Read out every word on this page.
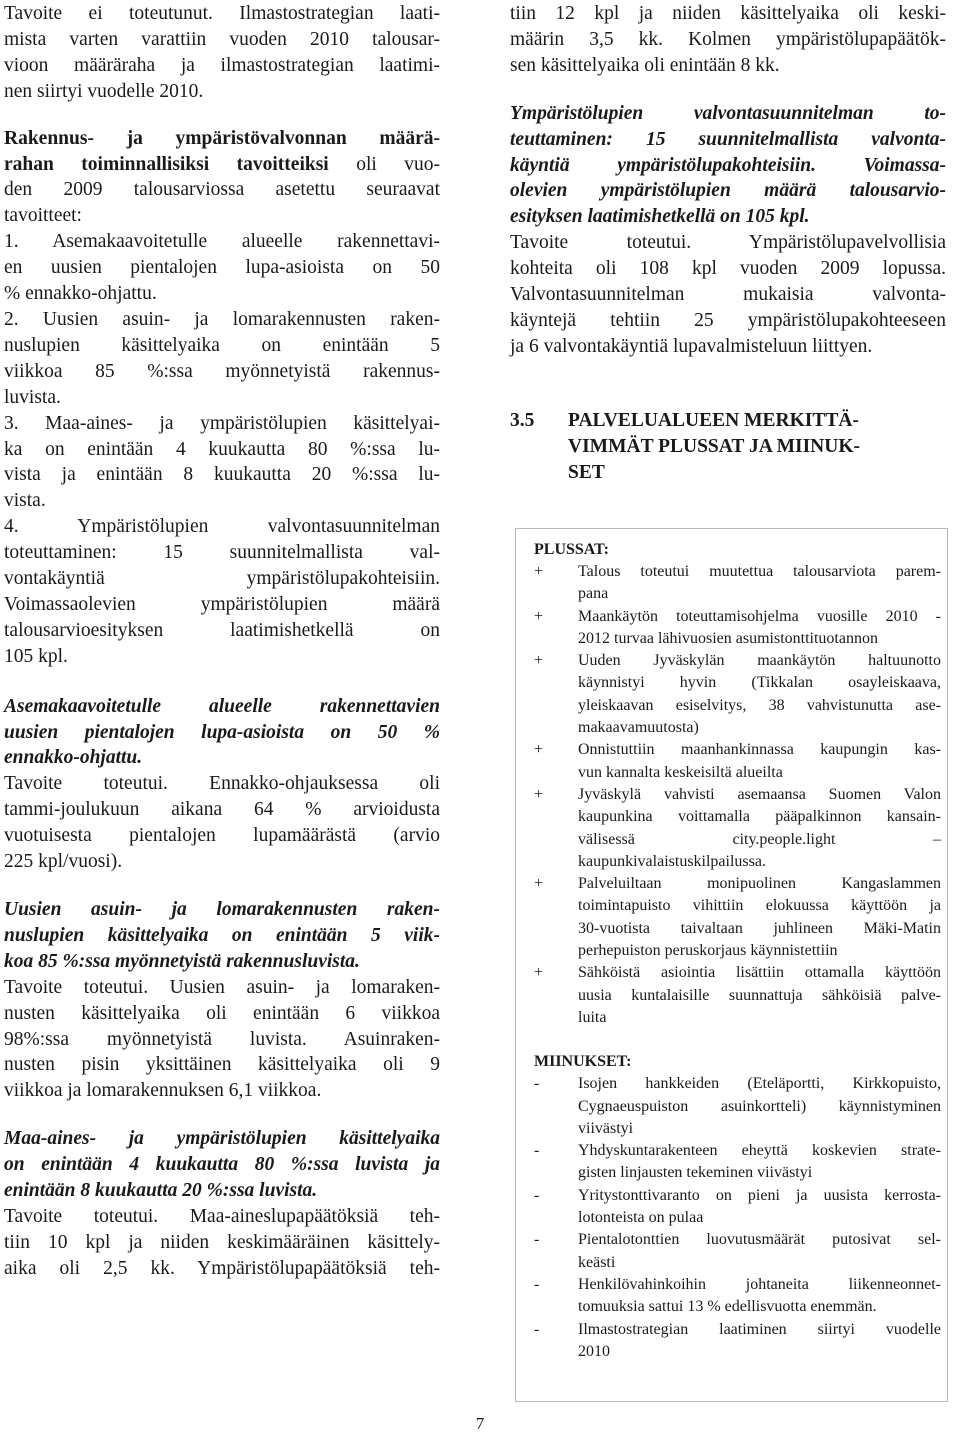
Tavoite ei toteutunut. Ilmastostrategian laati-
mista varten varattiin vuoden 2010 talousar-
vioon määräraha ja ilmastostrategian laatimi-
nen siirtyi vuodelle 2010.

Rakennus- ja ympäristövalvonnan määrä-
rahan toiminnallisiksi tavoitteiksi oli vuo-
den 2009 talousarviossa asetettu seuraavat
tavoitteet:

1. Asemakaavoitetulle alueelle rakennettavi-
en uusien pientalojen lupa-asioista on 50
% ennakko-ohjattu.

2. Uusien asuin- ja lomarakennusten raken-
nuslupien käsittelyaika on enintään 5
viikkoa 85 %:ssa myönnetyistä rakennus-
luvista.

3. Maa-aines- ja ympäristölupien käsittelyai-
ka on enintään 4 kuukautta 80 %:ssa lu-
vista ja enintään 8 kuukautta 20 %:ssa lu-
vista.

4. Ympäristölupien valvontasuunnitelman
toteuttaminen: 15 suunnitelmallista val-
vontakäyntiä ympäristölupakohteisiin.
Voimassaolevien ympäristölupien määrä
talousarvioesityksen laatimishetkellä on
105 kpl.

Asemakaavoitetulle alueelle rakennettavien
uusien pientalojen lupa-asioista on 50 %
ennakko-ohjattu.

Tavoite toteutui. Ennakko-ohjauksessa oli
tammi-joulukuun aikana 64 % arvioidusta
vuotuisesta pientalojen lupamäärästä (arvio
225 kpl/vuosi).

Uusien asuin- ja lomarakennusten raken-
nuslupien käsittelyaika on enintään 5 viik-
koa 85 %:ssa myönnetyistä rakennusluvista.

Tavoite toteutui. Uusien asuin- ja lomaraken-
nusten käsittelyaika oli enintään 6 viikkoa
98%:ssa myönnetyistä luvista. Asuinraken-
nusten pisin yksittäinen käsittelyaika oli 9
viikkoa ja lomarakennuksen 6,1 viikkoa.

Maa-aines- ja ympäristölupien käsittelyaika
on enintään 4 kuukautta 80 %:ssa luvista ja
enintään 8 kuukautta 20 %:ssa luvista.

Tavoite toteutui. Maa-aineslupapäätöksiä teh-
tiin 10 kpl ja niiden keskimääräinen käsittely-
aika oli 2,5 kk. Ympäristölupapäätöksiä teh-

tiin 12 kpl ja niiden käsittelyaika oli keski-
määrin 3,5 kk. Kolmen ympäristölupapäätök-
sen käsittelyaika oli enintään 8 kk.

Ympäristölupien valvontasuunnitelman to-
teuttaminen: 15 suunnitelmallista valvonta-
käyntiä ympäristölupakohteisiin. Voimassa-
olevien ympäristölupien määrä talousarvio-
esityksen laatimishetkellä on 105 kpl.

Tavoite toteutui. Ympäristölupavelvollisia
kohteita oli 108 kpl vuoden 2009 lopussa.
Valvontasuunnitelman mukaisia valvonta-
käyntejä tehtiin 25 ympäristölupakohteeseen
ja 6 valvontakäyntiä lupavalmisteluun liittyen.

3.5 PALVELUALUEEN MERKITTÄ-
VIMMÄT PLUSSAT JA MIINUK-
SET
PLUSSAT:
+ Talous toteutui muutettua talousarviota parem-
pana
+ Maankäytön toteuttamisohjelma vuosille 2010 -
2012 turvaa lähivuosien asumistonttituotannon
+ Uuden Jyväskylän maankäytön haltuunotto
käynnistyi hyvin (Tikkalan osayleiskaava,
yleiskaavan esiselvitys, 38 vahvistunutta ase-
makaavamuutosta)
+ Onnistuttiin maanhankinnassa kaupungin kas-
vun kannalta keskeisiltä alueilta
+ Jyväskylä vahvisti asemaansa Suomen Valon
kaupunkina voittamalla pääpalkinnon kansain-
välisessä city.people.light –
kaupunkivalaistuskilpailussa.
+ Palveluiltaan monipuolinen Kangaslammen
toimintapuisto vihittiin elokuussa käyttöön ja
30-vuotista taivaltaan juhlineen Mäki-Matin
perhepuiston peruskorjaus käynnistettiin
+ Sähköistä asiointia lisättiin ottamalla käyttöön
uusia kuntalaisille suunnattuja sähköisiä palve-
luita
MIINUKSET:
- Isojen hankkeiden (Eteläportti, Kirkkopuisto,
Cygnaeuspuiston asuinkortteli) käynnistyminen
viivästyi
- Yhdyskuntarakenteen eheyttä koskevien strate-
gisten linjausten tekeminen viivästyi
- Yritystonttivaranto on pieni ja uusista kerrosta-
lotonteista on pulaa
- Pientalotonttien luovutusmäärät putosivat sel-
keästi
- Henkilövahinkoihin johtaneita liikenneonnet-
tomuuksia sattui 13 % edellisvuotta enemmän.
- Ilmastostrategian laatiminen siirtyi vuodelle
2010
7
